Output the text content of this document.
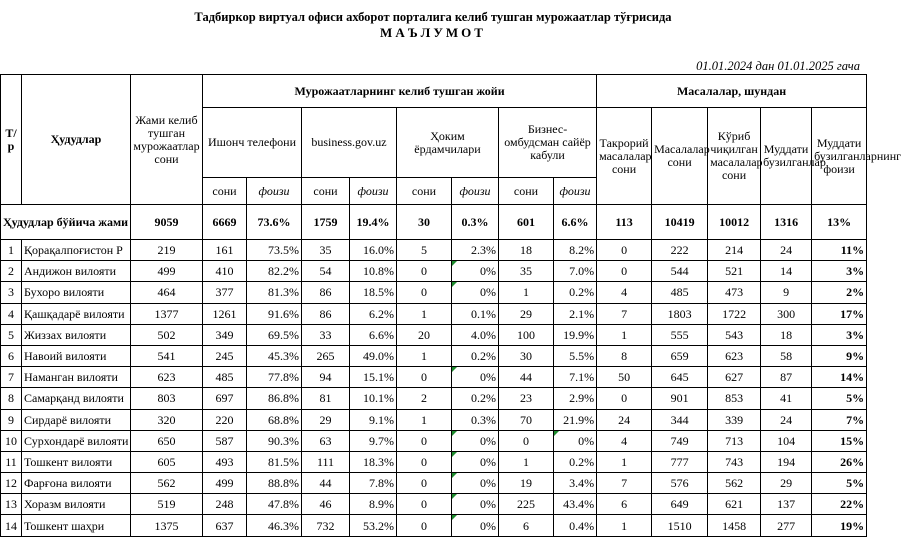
Тадбиркор виртуал офиси ахборот порталига келиб тушган мурожаатлар тўғрисида
МАЪЛУМОТ
01.01.2024 дан 01.01.2025 гача
Т/р	Ҳудудлар	Жами келиб тушган мурожаатлар сони	Мурожаатларнинг келиб тушган жойи								Масалалар, шундан				
			Ишонч телефони		business.gov.uz		Ҳоким ёрдамчилари		Бизнес-омбудсман сайёр кабули		Такрорий масалалар сони	Масалалар сони	Кўриб чиқилган масалалар сони	Муддати бузилганлар	Муддати бузилганларнинг фоизи
			сони	фоизи	сони	фоизи	сони	фоизи	сони	фоизи					
Ҳудудлар бўйича жами		9059	6669	73.6%	1759	19.4%	30	0.3%	601	6.6%	113	10419	10012	1316	13%
1	Қорақалпоғистон Р	219	161	73.5%	35	16.0%	5	2.3%	18	8.2%	0	222	214	24	11%
2	Андижон вилояти	499	410	82.2%	54	10.8%	0	0%	35	7.0%	0	544	521	14	3%
3	Бухоро вилояти	464	377	81.3%	86	18.5%	0	0%	1	0.2%	4	485	473	9	2%
4	Қашқадарё вилояти	1377	1261	91.6%	86	6.2%	1	0.1%	29	2.1%	7	1803	1722	300	17%
5	Жиззах вилояти	502	349	69.5%	33	6.6%	20	4.0%	100	19.9%	1	555	543	18	3%
6	Навоий вилояти	541	245	45.3%	265	49.0%	1	0.2%	30	5.5%	8	659	623	58	9%
7	Наманган вилояти	623	485	77.8%	94	15.1%	0	0%	44	7.1%	50	645	627	87	14%
8	Самарқанд вилояти	803	697	86.8%	81	10.1%	2	0.2%	23	2.9%	0	901	853	41	5%
9	Сирдарё вилояти	320	220	68.8%	29	9.1%	1	0.3%	70	21.9%	24	344	339	24	7%
10	Сурхондарё вилояти	650	587	90.3%	63	9.7%	0	0%	0	0%	4	749	713	104	15%
11	Тошкент вилояти	605	493	81.5%	111	18.3%	0	0%	1	0.2%	1	777	743	194	26%
12	Фарғона вилояти	562	499	88.8%	44	7.8%	0	0%	19	3.4%	7	576	562	29	5%
13	Хоразм вилояти	519	248	47.8%	46	8.9%	0	0%	225	43.4%	6	649	621	137	22%
14	Тошкент шаҳри	1375	637	46.3%	732	53.2%	0	0%	6	0.4%	1	1510	1458	277	19%
